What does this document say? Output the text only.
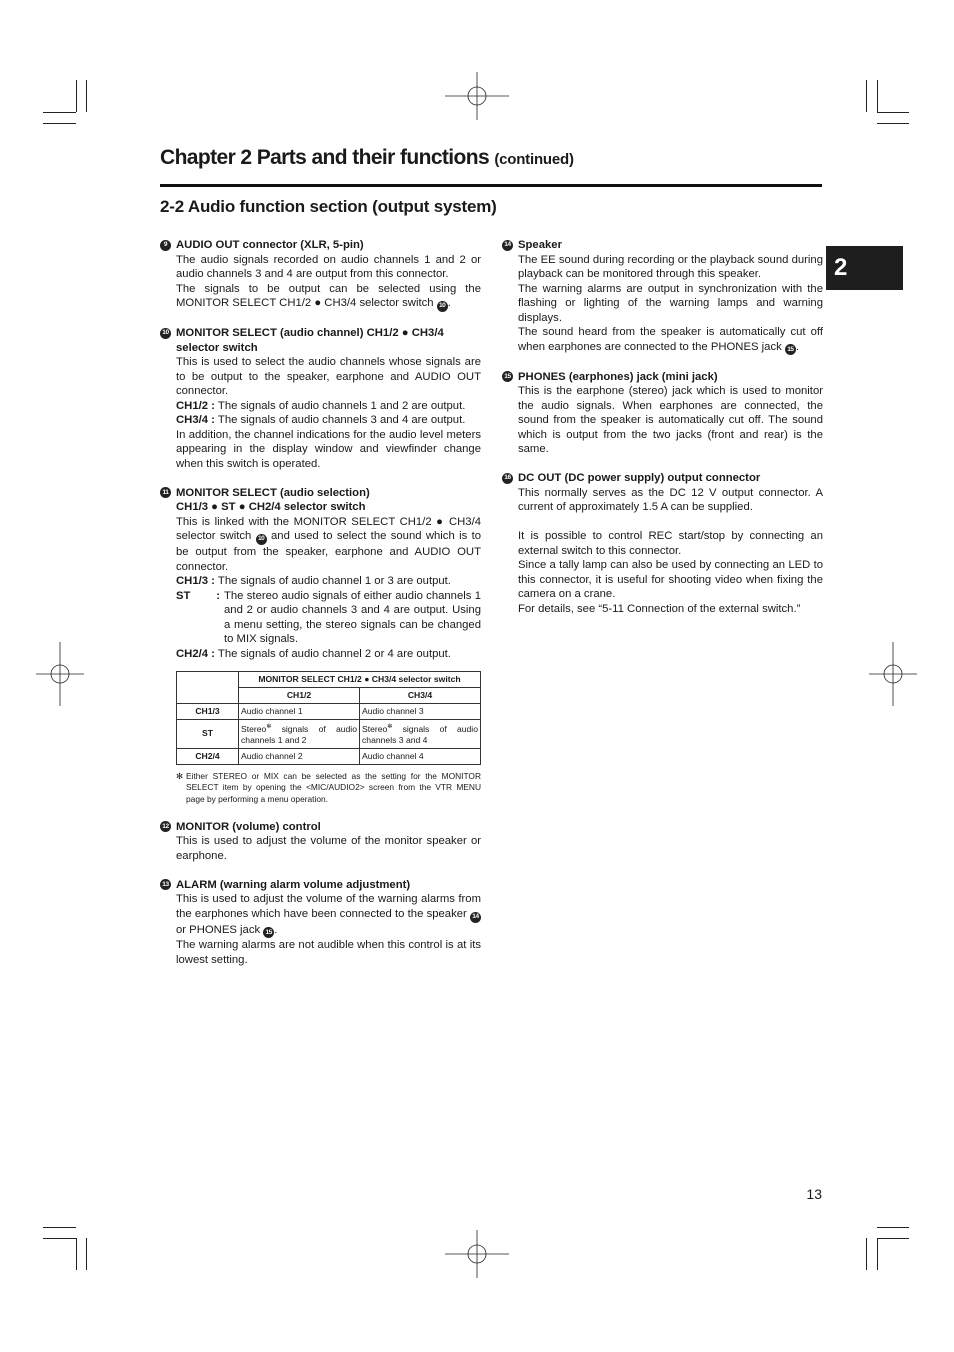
Chapter 2 Parts and their functions (continued)
2-2 Audio function section (output system)
2
9 AUDIO OUT connector (XLR, 5-pin)
The audio signals recorded on audio channels 1 and 2 or audio channels 3 and 4 are output from this connector.
The signals to be output can be selected using the MONITOR SELECT CH1/2 ● CH3/4 selector switch 10 .
10 MONITOR SELECT (audio channel) CH1/2 ● CH3/4 selector switch
This is used to select the audio channels whose signals are to be output to the speaker, earphone and AUDIO OUT connector.
CH1/2 : The signals of audio channels 1 and 2 are output.
CH3/4 : The signals of audio channels 3 and 4 are output.
In addition, the channel indications for the audio level meters appearing in the display window and viewfinder change when this switch is operated.
11 MONITOR SELECT (audio selection)
CH1/3 ● ST ● CH2/4 selector switch
This is linked with the MONITOR SELECT CH1/2 ● CH3/4 selector switch 10 and used to select the sound which is to be output from the speaker, earphone and AUDIO OUT connector.
CH1/3 : The signals of audio channel 1 or 3 are output.
ST : The stereo audio signals of either audio channels 1 and 2 or audio channels 3 and 4 are output. Using a menu setting, the stereo signals can be changed to MIX signals.
CH2/4 : The signals of audio channel 2 or 4 are output.
	MONITOR SELECT CH1/2 ● CH3/4 selector switch	
	CH1/2	CH3/4
CH1/3	Audio channel 1	Audio channel 3
ST	Stereo✻ signals of audio channels 1 and 2	Stereo✻ signals of audio channels 3 and 4
CH2/4	Audio channel 2	Audio channel 4
✻ Either STEREO or MIX can be selected as the setting for the MONITOR SELECT item by opening the <MIC/AUDIO2> screen from the VTR MENU page by performing a menu operation.
12 MONITOR (volume) control
This is used to adjust the volume of the monitor speaker or earphone.
13 ALARM (warning alarm volume adjustment)
This is used to adjust the volume of the warning alarms from the earphones which have been connected to the speaker 14 or PHONES jack 15 .
The warning alarms are not audible when this control is at its lowest setting.
14 Speaker
The EE sound during recording or the playback sound during playback can be monitored through this speaker.
The warning alarms are output in synchronization with the flashing or lighting of the warning lamps and warning displays.
The sound heard from the speaker is automatically cut off when earphones are connected to the PHONES jack 15 .
15 PHONES (earphones) jack (mini jack)
This is the earphone (stereo) jack which is used to monitor the audio signals. When earphones are connected, the sound from the speaker is automatically cut off. The sound which is output from the two jacks (front and rear) is the same.
16 DC OUT (DC power supply) output connector
This normally serves as the DC 12 V output connector. A current of approximately 1.5 A can be supplied.
It is possible to control REC start/stop by connecting an external switch to this connector.
Since a tally lamp can also be used by connecting an LED to this connector, it is useful for shooting video when fixing the camera on a crane.
For details, see “5-11 Connection of the external switch.”
13
